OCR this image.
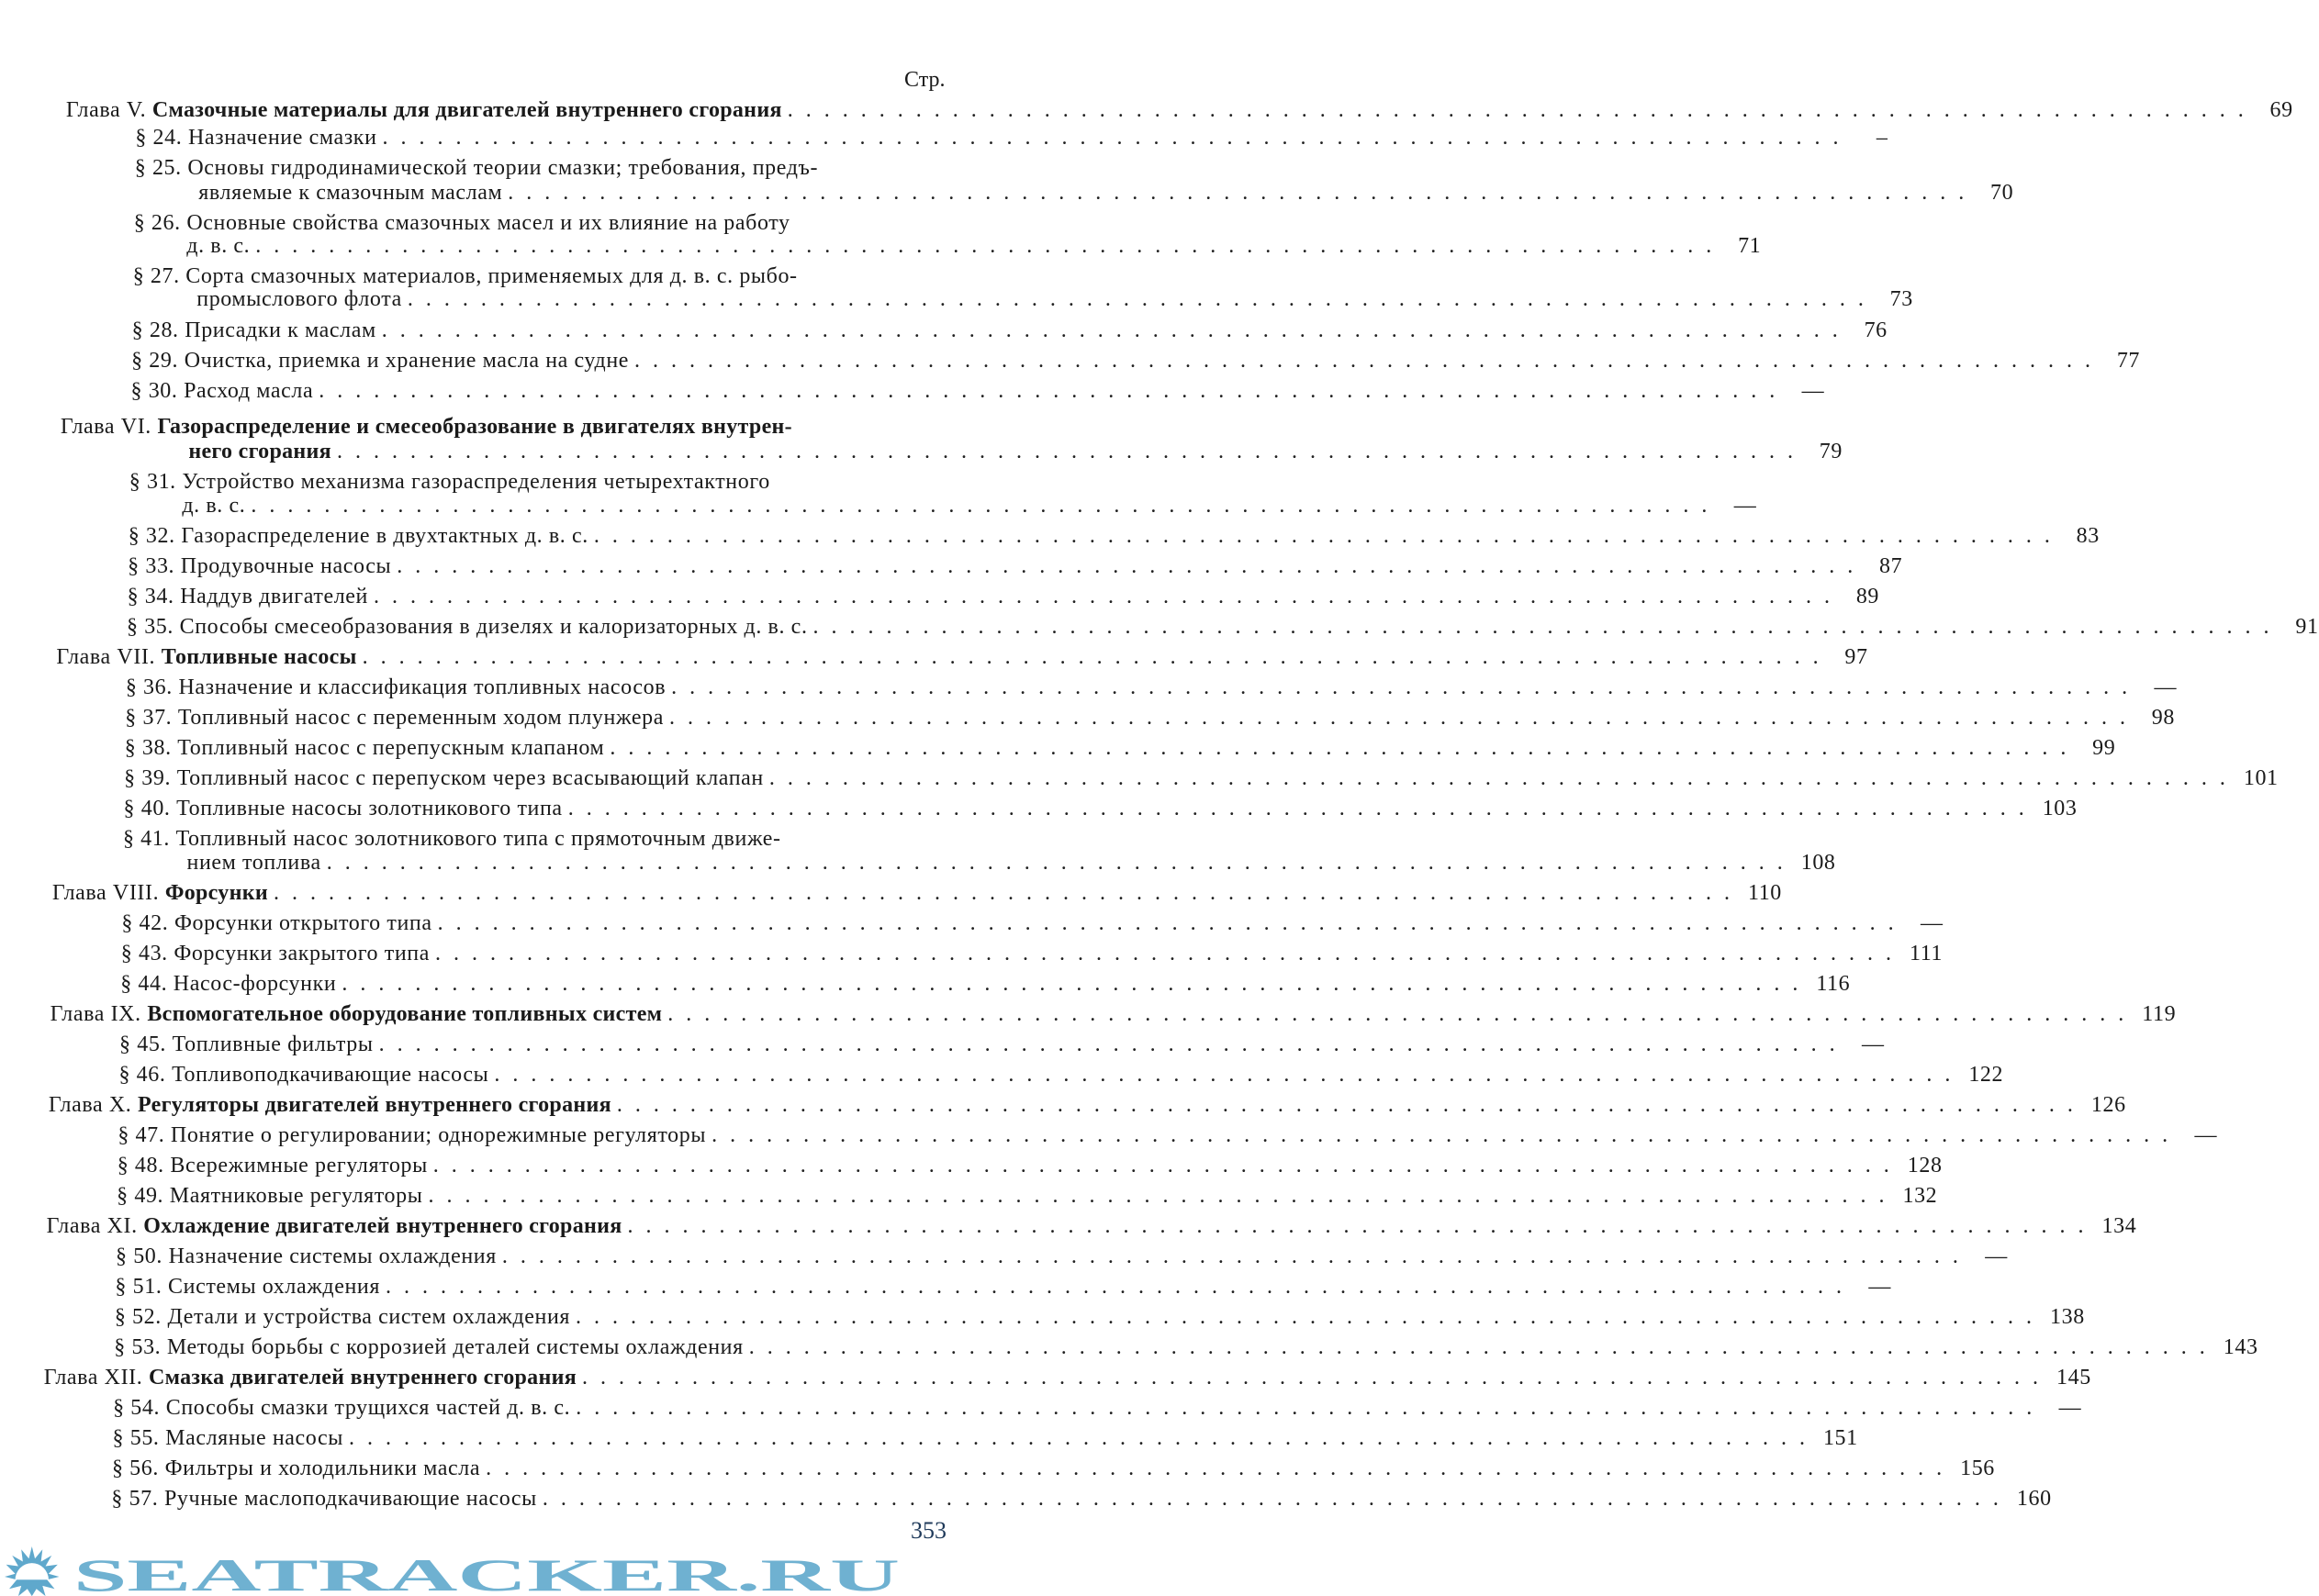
Стр.
Глава V. Смазочные материалы для двигателей внутреннего сгорания ................................................................................ 69
§ 24. Назначение смазки ................................................................................	–
§ 25. Основы гидродинамической теории смазки; требования, предъ-
являемые к смазочным маслам ................................................................................ 70
§ 26. Основные свойства смазочных масел и их влияние на работу
д. в. с. ................................................................................ 71
§ 27. Сорта смазочных материалов, применяемых для д. в. с. рыбо-
промыслового флота ................................................................................ 73
§ 28. Присадки к маслам ................................................................................ 76
§ 29. Очистка, приемка и хранение масла на судне ................................................................................ 77
§ 30. Расход масла ................................................................................ —
Глава VI. Газораспределение и смесеобразование в двигателях внутрен-
него сгорания ................................................................................ 79
§ 31. Устройство механизма газораспределения четырехтактного
д. в. с. ................................................................................ —
§ 32. Газораспределение в двухтактных д. в. с. ................................................................................ 83
§ 33. Продувочные насосы ................................................................................ 87
§ 34. Наддув двигателей ................................................................................ 89
§ 35. Способы смесеобразования в дизелях и калоризаторных д. в. с. ................................................................................ 91
Глава VII. Топливные насосы ................................................................................ 97
§ 36. Назначение и классификация топливных насосов ................................................................................ —
§ 37. Топливный насос с переменным ходом плунжера ................................................................................ 98
§ 38. Топливный насос с перепускным клапаном ................................................................................ 99
§ 39. Топливный насос с перепуском через всасывающий клапан ................................................................................ 101
§ 40. Топливные насосы золотникового типа ................................................................................ 103
§ 41. Топливный насос золотникового типа с прямоточным движе-
нием топлива ................................................................................ 108
Глава VIII. Форсунки ................................................................................ 110
§ 42. Форсунки открытого типа ................................................................................ —
§ 43. Форсунки закрытого типа ................................................................................ 111
§ 44. Насос-форсунки ................................................................................ 116
Глава IX. Вспомогательное оборудование топливных систем ................................................................................ 119
§ 45. Топливные фильтры ................................................................................ —
§ 46. Топливоподкачивающие насосы ................................................................................ 122
Глава X. Регуляторы двигателей внутреннего сгорания ................................................................................ 126
§ 47. Понятие о регулировании; однорежимные регуляторы ................................................................................ —
§ 48. Всережимные регуляторы ................................................................................ 128
§ 49. Маятниковые регуляторы ................................................................................ 132
Глава XI. Охлаждение двигателей внутреннего сгорания ................................................................................ 134
§ 50. Назначение системы охлаждения ................................................................................ —
§ 51. Системы охлаждения ................................................................................ —
§ 52. Детали и устройства систем охлаждения ................................................................................ 138
§ 53. Методы борьбы с коррозией деталей системы охлаждения ................................................................................ 143
Глава XII. Смазка двигателей внутреннего сгорания ................................................................................ 145
§ 54. Способы смазки трущихся частей д. в. с. ................................................................................ —
§ 55. Масляные насосы ................................................................................ 151
§ 56. Фильтры и холодильники масла ................................................................................ 156
§ 57. Ручные маслоподкачивающие насосы ................................................................................ 160
353
SEATRACKER.RU
